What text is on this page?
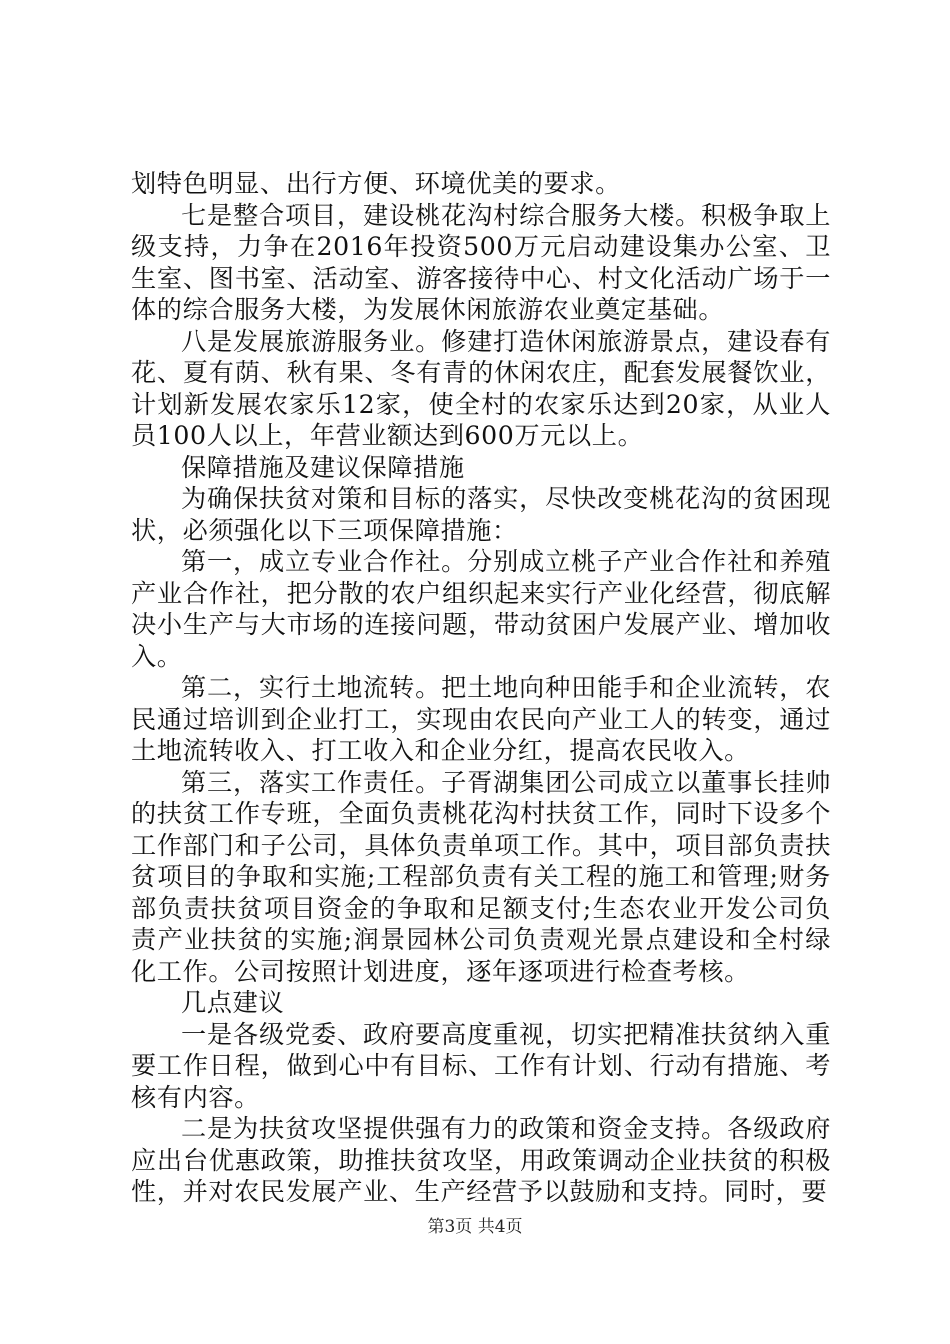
划特色明显、出行方便、环境优美的要求。

七是整合项目，建设桃花沟村综合服务大楼。积极争取上级支持，力争在2016年投资500万元启动建设集办公室、卫生室、图书室、活动室、游客接待中心、村文化活动广场于一体的综合服务大楼，为发展休闲旅游农业奠定基础。

八是发展旅游服务业。修建打造休闲旅游景点，建设春有花、夏有荫、秋有果、冬有青的休闲农庄，配套发展餐饮业，计划新发展农家乐12家，使全村的农家乐达到20家，从业人员100人以上，年营业额达到600万元以上。

保障措施及建议保障措施

为确保扶贫对策和目标的落实，尽快改变桃花沟的贫困现状，必须强化以下三项保障措施：

第一，成立专业合作社。分别成立桃子产业合作社和养殖产业合作社，把分散的农户组织起来实行产业化经营，彻底解决小生产与大市场的连接问题，带动贫困户发展产业、增加收入。

第二，实行土地流转。把土地向种田能手和企业流转，农民通过培训到企业打工，实现由农民向产业工人的转变，通过土地流转收入、打工收入和企业分红，提高农民收入。

第三，落实工作责任。子胥湖集团公司成立以董事长挂帅的扶贫工作专班，全面负责桃花沟村扶贫工作，同时下设多个工作部门和子公司，具体负责单项工作。其中，项目部负责扶贫项目的争取和实施;工程部负责有关工程的施工和管理;财务部负责扶贫项目资金的争取和足额支付;生态农业开发公司负责产业扶贫的实施;润景园林公司负责观光景点建设和全村绿化工作。公司按照计划进度，逐年逐项进行检查考核。

几点建议

一是各级党委、政府要高度重视，切实把精准扶贫纳入重要工作日程，做到心中有目标、工作有计划、行动有措施、考核有内容。

二是为扶贫攻坚提供强有力的政策和资金支持。各级政府应出台优惠政策，助推扶贫攻坚，用政策调动企业扶贫的积极性，并对农民发展产业、生产经营予以鼓励和支持。同时，要

第3页 共4页
